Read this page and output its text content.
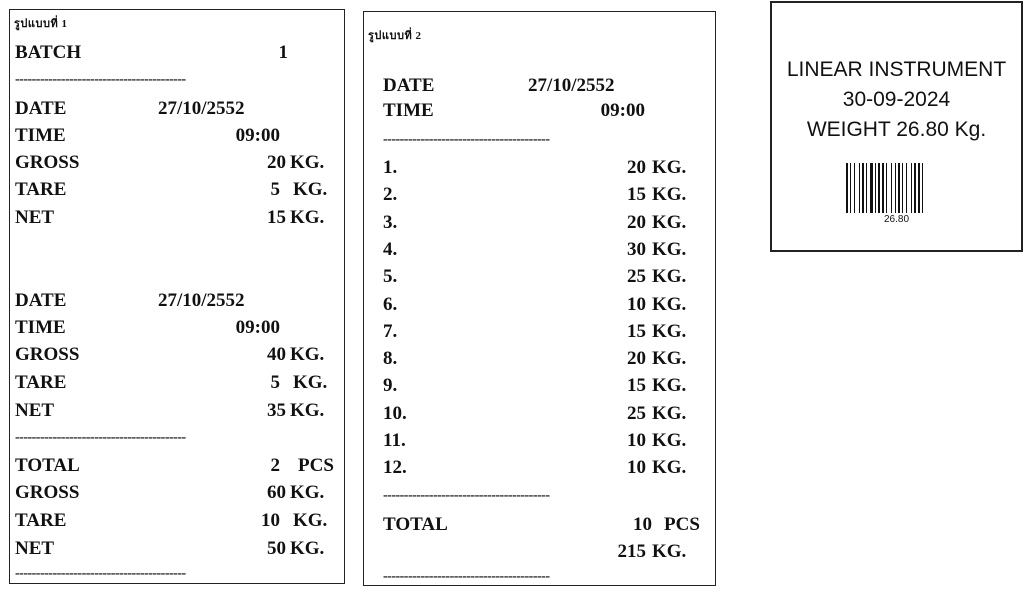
รูปแบบที่ 1
BATCH	1
-----------------------------------------
DATE	27/10/2552
TIME	09:00
GROSS	20 KG.
TARE	5 KG.
NET	15 KG.
DATE	27/10/2552
TIME	09:00
GROSS	40 KG.
TARE	5 KG.
NET	35 KG.
-----------------------------------------
TOTAL	2 PCS
GROSS	60 KG.
TARE	10 KG.
NET	50 KG.
-----------------------------------------
รูปแบบที่ 2
DATE	27/10/2552
TIME	09:00
----------------------------------------
1.	20 KG.
2.	15 KG.
3.	20 KG.
4.	30 KG.
5.	25 KG.
6.	10 KG.
7.	15 KG.
8.	20 KG.
9.	15 KG.
10.	25 KG.
11.	10 KG.
12.	10 KG.
----------------------------------------
TOTAL	10 PCS
215 KG.
----------------------------------------
LINEAR INSTRUMENT
30-09-2024
WEIGHT 26.80 Kg.
26.80
